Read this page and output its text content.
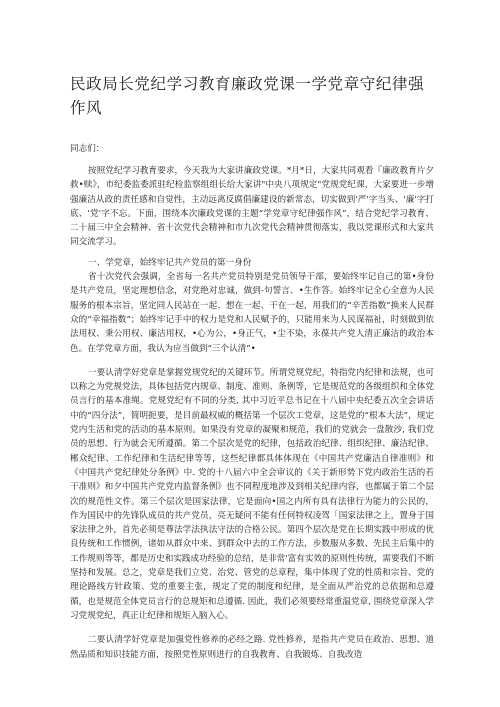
民政局长党纪学习教育廉政党课一学党章守纪律强作风
同志们：

按照党纪学习教育要求，今天我为大家讲廉政党课。*月*日，大家共同观看『廉政教育片夕救•赎》，市纪委监委派驻纪检监察组组长给大家讲"中央八项规定"党规党纪课，大家要进一步增强廉洁从政的责任感和自觉性，主动远离反腐倡廉建设的新常态，切实做到'严'字当头、'廉'字打底、'党'字不忘。下面，围绕本次廉政党课的主题“学党章守纪律强作风”，结合党纪学习教育、二十届三中全会精神、省十次党代会精神和市九次党代会精神贯彻落实，我以党课形式和大家共同交流学习。

一、学党章，始终牢记共产党员的第一身份

省十次党代会强调，全省每一名共产党员特别是党员领导干部，要始终牢记自己的第•身份是共产党员，坚定理想信念，对党绝对忠诚，做到-句誓言、•生作答。始终牢记全心全意为人民服务的根本宗旨，坚定同人民站在一起、想在一起、干在一起，用我们的“辛苦指数”换来人民群众的“幸福指数”；始终牢记手中的权力是党和人民赋予的，只能用来为人民谋福祉，时刻做到依法用权、秉公用权、廉洁用权，•心为公，•身正气，•尘不染，永葆共产党人清正廉洁的政治本色。在学党章方面，我认为应当做到“三个认清”•

一要认清学好党章是掌握党规党纪的关键环节。所谓党规党纪，特指党内纪律和法规，也可以称之为党规党法，具体包括党内规章、制度、准则、条例等，它是规范党的各级组织和全体党员言行的基本准绳。党规党纪有不同的分类, 其中习近平总书记在十八届中央纪委五次全会讲话中的“四分法”，简明扼要，是目前最权威的概括第一个层次工党章，这是党的“根本大法”，规定党内生活和党的活动的基本原则。如果没有党章的凝聚和规范，我们的党就会一盘散沙, 我们党员的思想、行为就会无所遵循。第二个层次是党的纪律，包括政治纪律、组织纪律、廉洁纪律、郴众纪律、工作纪律和生活纪律等等，这些纪律都具体体现在《中国共产党廉洁自律准则》和《中国共产党纪律处分条例》中. 党的十八届六中全会审议的《关于新形势下党内政治生活的若干准则》和夕中国共产党党内监督条例》也不同程度地涉及到相关纪律内容，也都属于第二个层次的规范性文件。第三个层次是国家法律，它是面向•国之内所有具有法律行为能力的公民的，作为国民中的先锋队成员的共产党员，亮无疑问不能有任何特权凌驾「国家法律之上，置身于国家法律之外，首先必须是尊法学法执法守法的合格公民。第四个层次是党在长期实践中形成的优良传统和工作惯例，诸如从群众中来、到群众中去的工作方法，步数服从多数、先民主后集中的工作规则等等，都是历史和实践成功经验的总结，是非常'富有实效的原则性传统，需要我们不断坚持和发展。总之，党章是我们立党、治党、管党的总章程，集中体现了党的性质和宗旨、党的理论路线方针政策、党的重要主张，规定了党的制度和纪律，是全面从严治党的总依据和总遵循，也是规范全体党员言行的总规矩和总遵循. 因此，我们必须要经常重温党章, 围绕党章深入学习党规党纪，真正让纪律和规矩入脑入心。

二要认清学好党章是加强党性修养的必经之路. 党性修养，是指共产党员在政治、思想、道然品质和知识技能方面，按照党性原则进行的自我教育、自我锻炼、自我改造
